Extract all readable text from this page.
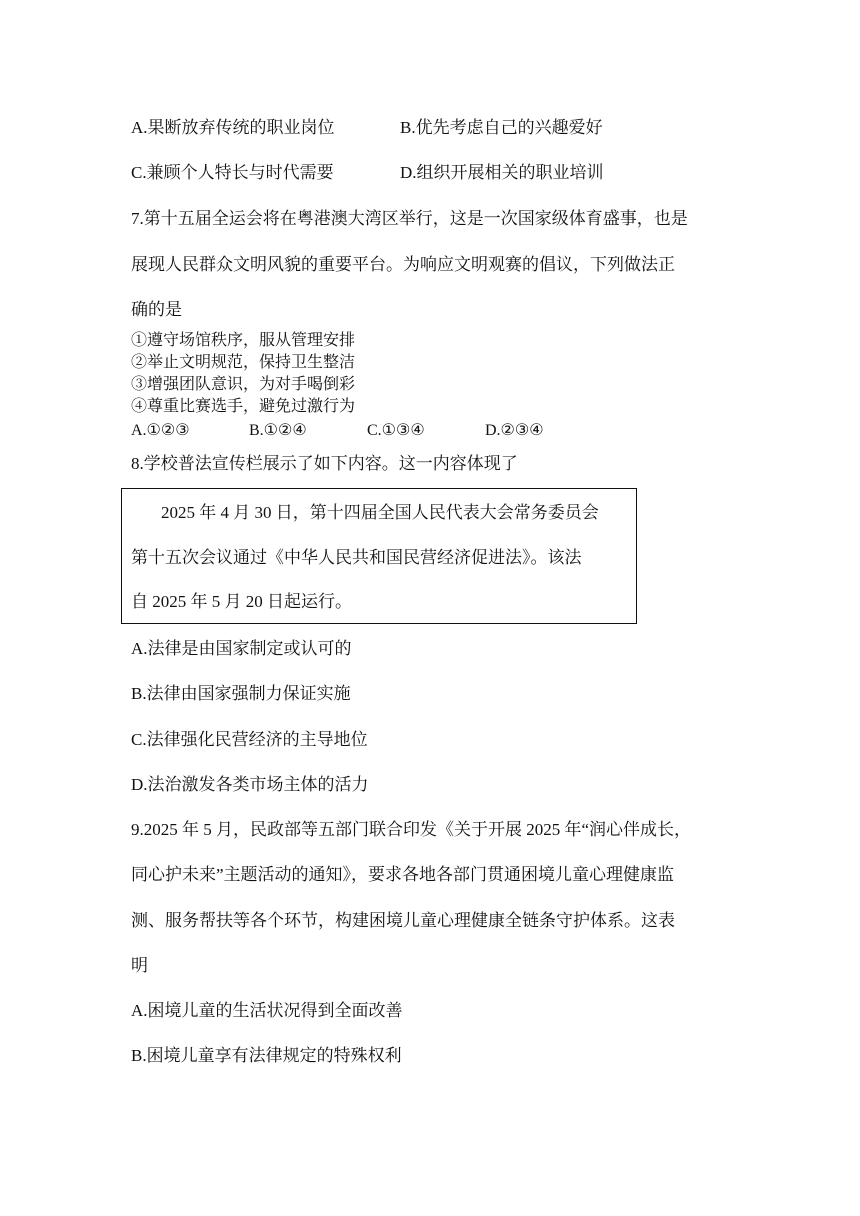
A.果断放弃传统的职业岗位	B.优先考虑自己的兴趣爱好
C.兼顾个人特长与时代需要	D.组织开展相关的职业培训
7.第十五届全运会将在粤港澳大湾区举行，这是一次国家级体育盛事，也是
展现人民群众文明风貌的重要平台。为响应文明观赛的倡议，下列做法正
确的是
①遵守场馆秩序，服从管理安排
②举止文明规范，保持卫生整洁
③增强团队意识，为对手喝倒彩
④尊重比赛选手，避免过激行为
A.①②③	B.①②④	C.①③④	D.②③④
8.学校普法宣传栏展示了如下内容。这一内容体现了
2025 年 4 月 30 日，第十四届全国人民代表大会常务委员会
第十五次会议通过《中华人民共和国民营经济促进法》。该法
自 2025 年 5 月 20 日起运行。
A.法律是由国家制定或认可的
B.法律由国家强制力保证实施
C.法律强化民营经济的主导地位
D.法治激发各类市场主体的活力
9.2025 年 5 月，民政部等五部门联合印发《关于开展 2025 年“润心伴成长，
同心护未来”主题活动的通知》，要求各地各部门贯通困境儿童心理健康监
测、服务帮扶等各个环节，构建困境儿童心理健康全链条守护体系。这表
明
A.困境儿童的生活状况得到全面改善
B.困境儿童享有法律规定的特殊权利
